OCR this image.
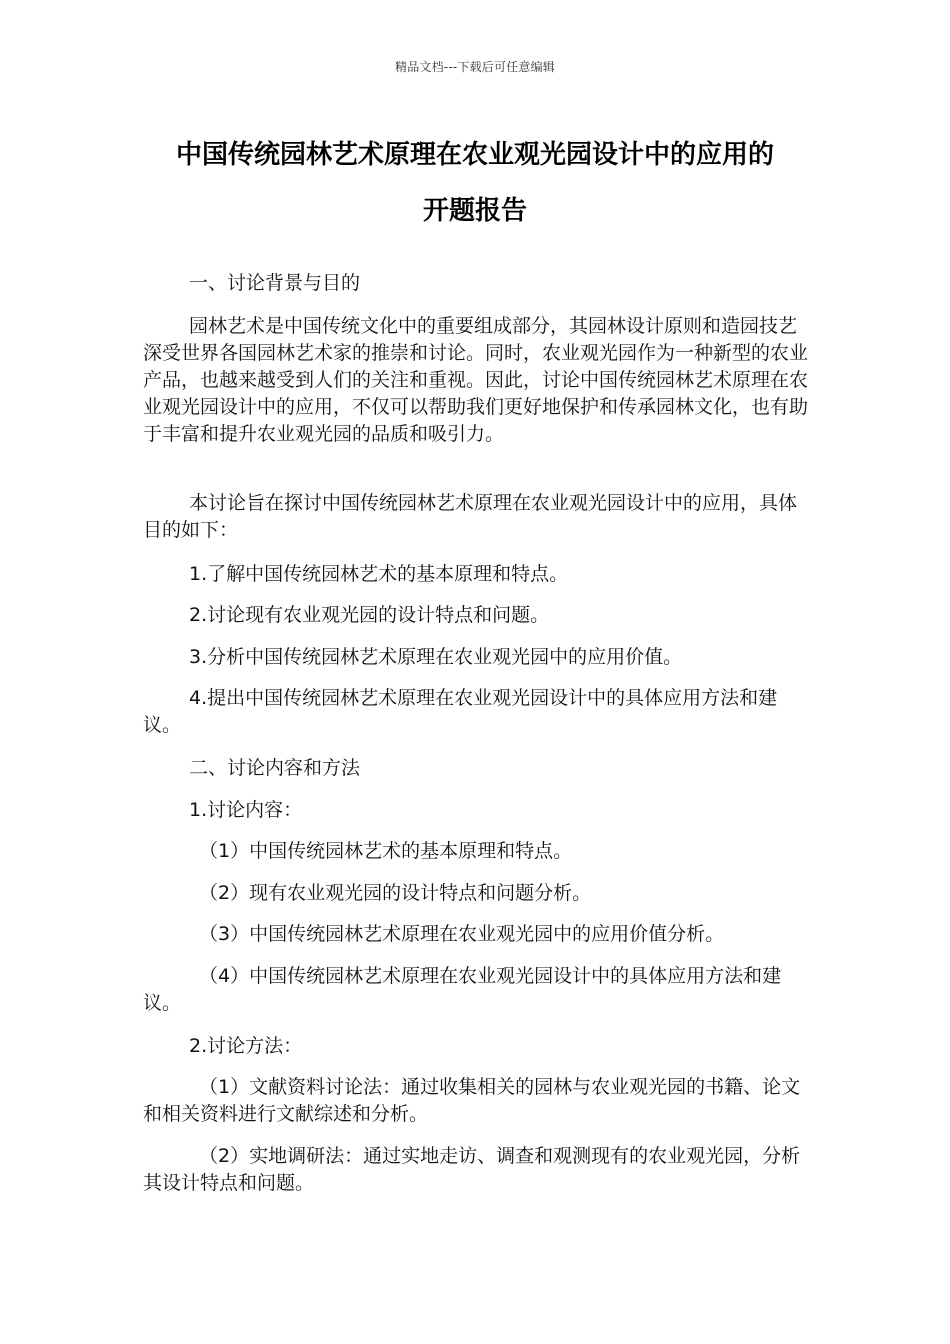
精品文档---下载后可任意编辑
中国传统园林艺术原理在农业观光园设计中的应用的
开题报告
一、讨论背景与目的
园林艺术是中国传统文化中的重要组成部分，其园林设计原则和造园技艺深受世界各国园林艺术家的推崇和讨论。同时，农业观光园作为一种新型的农业产品，也越来越受到人们的关注和重视。因此，讨论中国传统园林艺术原理在农业观光园设计中的应用，不仅可以帮助我们更好地保护和传承园林文化，也有助于丰富和提升农业观光园的品质和吸引力。
本讨论旨在探讨中国传统园林艺术原理在农业观光园设计中的应用，具体目的如下：
1.了解中国传统园林艺术的基本原理和特点。
2.讨论现有农业观光园的设计特点和问题。
3.分析中国传统园林艺术原理在农业观光园中的应用价值。
4.提出中国传统园林艺术原理在农业观光园设计中的具体应用方法和建议。
二、讨论内容和方法
1.讨论内容：
（1）中国传统园林艺术的基本原理和特点。
（2）现有农业观光园的设计特点和问题分析。
（3）中国传统园林艺术原理在农业观光园中的应用价值分析。
（4）中国传统园林艺术原理在农业观光园设计中的具体应用方法和建议。
2.讨论方法：
（1）文献资料讨论法：通过收集相关的园林与农业观光园的书籍、论文和相关资料进行文献综述和分析。
（2）实地调研法：通过实地走访、调查和观测现有的农业观光园，分析其设计特点和问题。
